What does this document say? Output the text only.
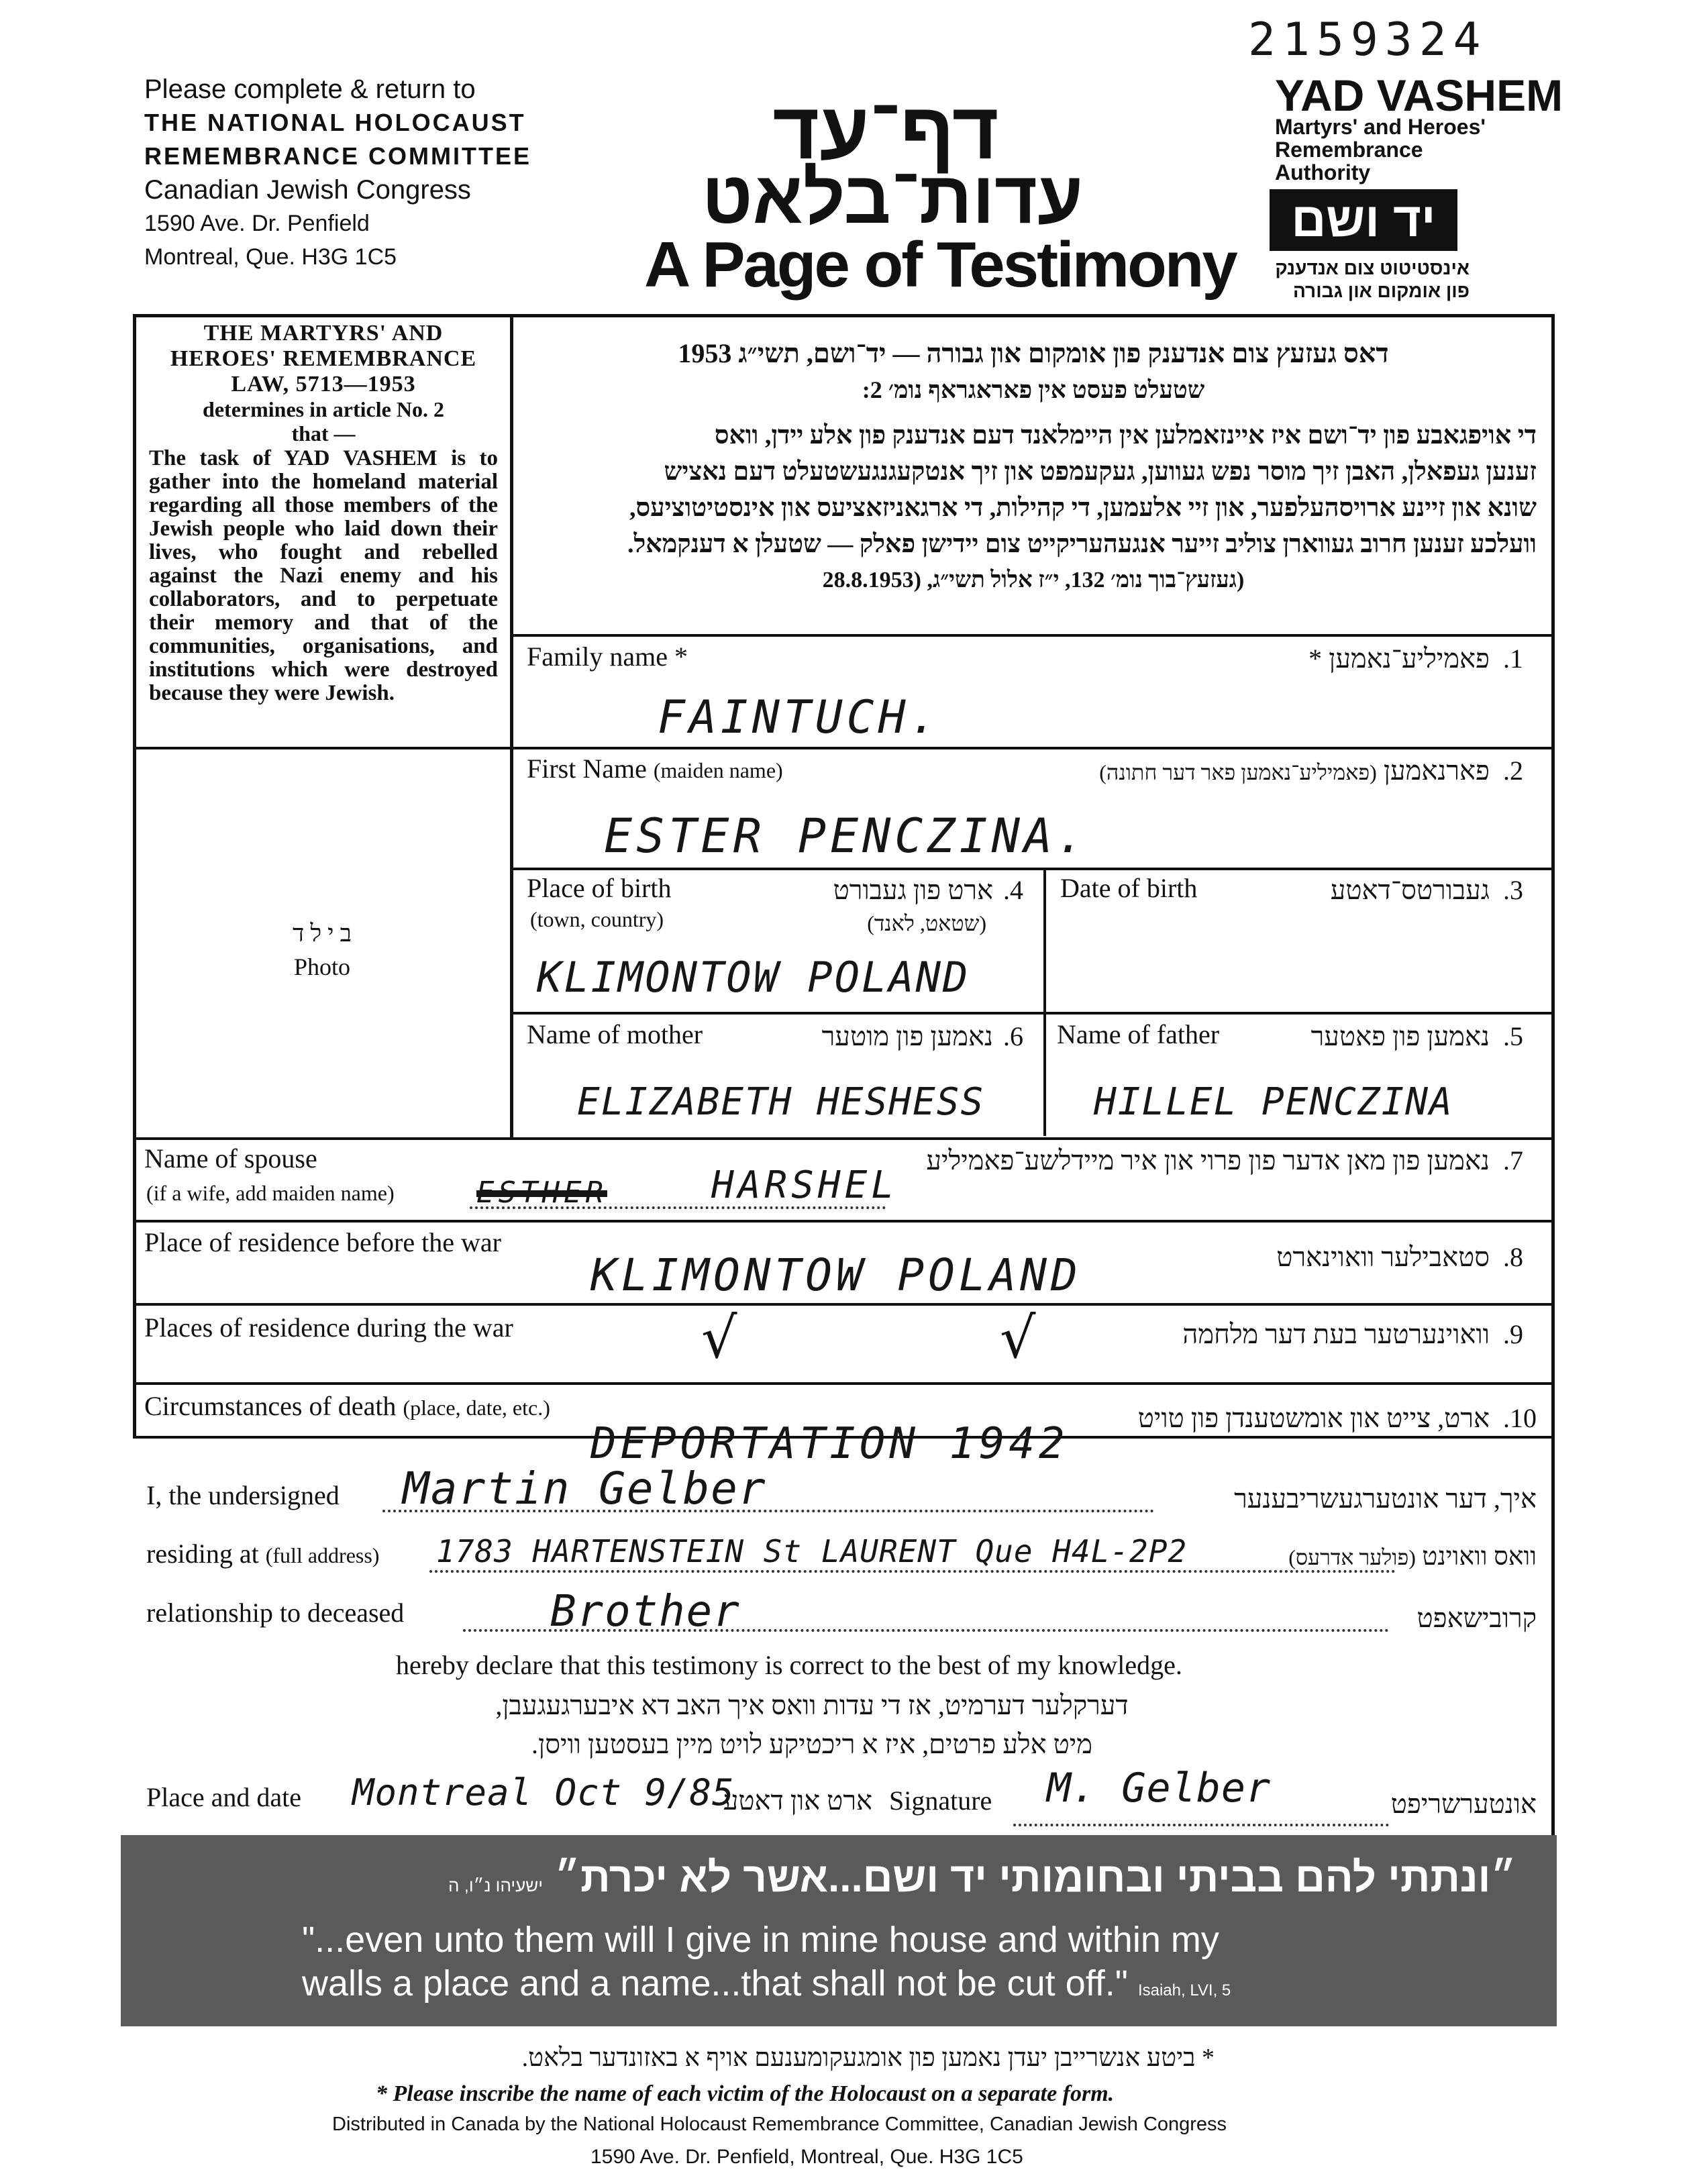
2159324
Please complete & return to
THE NATIONAL HOLOCAUST
REMEMBRANCE COMMITTEE
Canadian Jewish Congress
1590 Ave. Dr. Penfield
Montreal, Que. H3G 1C5
דף־עד
עדות־בלאט
A Page of Testimony
YAD VASHEM
Martyrs' and Heroes'
Remembrance
Authority
יד ושם
אינסטיטוט צום אנדענק
פון אומקום און גבורה
THE MARTYRS' AND
HEROES' REMEMBRANCE
LAW, 5713—1953
determines in article No. 2
that —
The task of YAD VASHEM is to gather into the homeland material regarding all those members of the Jewish people who laid down their lives, who fought and rebelled against the Nazi enemy and his collaborators, and to perpetuate their memory and that of the communities, organisations, and institutions which were destroyed because they were Jewish.
דאס געזעץ צום אנדענק פון אומקום און גבורה — יד־ושם, תשי״ג 1953
שטעלט פעסט אין פאראגראף נומ׳ 2:
די אויפגאבע פון יד־ושם איז איינזאמלען אין היימלאנד דעם אנדענק פון אלע יידן, וואס
זענען געפאלן, האבן זיך מוסר נפש געווען, געקעמפט און זיך אנטקעגנגעשטעלט דעם נאציש
שונא און זיינע ארויסהעלפער, און זיי אלעמען, די קהילות, די ארגאניזאציעס און אינסטיטוציעס,
וועלכע זענען חרוב געווארן צוליב זייער אנגעהעריקייט צום יידישן פאלק — שטעלן א דענקמאל.
(געזעץ־בוך נומ׳ 132, י״ז אלול תשי״ג, (28.8.1953
ב י ל ד
Photo
Family name *	פאמיליע־נאמען * .1
FAINTUCH.
First Name (maiden name)	פארנאמען (פאמיליע־נאמען פאר דער חתונה)	.2
ESTER PENCZINA.
Place of birth
(town, country)
ארט פון געבורט
(שטאט, לאנד)
.4
KLIMONTOW POLAND
Date of birth	געבורטס־דאטע .3
Name of mother	נאמען פון מוטער .6
ELIZABETH HESHESS
Name of father	נאמען פון פאטער .5
HILLEL PENCZINA
Name of spouse
(if a wife, add maiden name)
נאמען פון מאן אדער פון פרוי און איר מיידלשע־פאמיליע .7
ESTHER	HARSHEL
Place of residence before the war	סטאבילער וואוינארט .8
KLIMONTOW POLAND
Places of residence during the war	וואוינערטער בעת דער מלחמה .9
√	√
Circumstances of death (place, date, etc.)	ארט, צייט און אומשטענדן פון טויט .10
DEPORTATION 1942
I, the undersigned Martin Gelber	איך, דער אונטערגעשריבענער
residing at (full address) 1783 HARTENSTEIN St LAURENT Que H4L-2P2	וואס וואוינט (פולער אדרעס)
relationship to deceased	Brother	קרובישאפט
hereby declare that this testimony is correct to the best of my knowledge.
דערקלער דערמיט, אז די עדות וואס איך האב דא איבערגעגעבן,
מיט אלע פרטים, איז א ריכטיקע לויט מיין בעסטען וויסן.
Place and date Montreal Oct 9/85
ארט און דאטע Signature M. Gelber	אונטערשריפט
״ונתתי להם בביתי ובחומותי יד ושם...אשר לא יכרת״ ישעיהו נ״ו, ה
"...even unto them will I give in mine house and within my
walls a place and a name...that shall not be cut off." Isaiah, LVI, 5
* ביטע אנשרייבן יעדן נאמען פון אומגעקומענעם אויף א באזונדער בלאט.
* Please inscribe the name of each victim of the Holocaust on a separate form.
Distributed in Canada by the National Holocaust Remembrance Committee, Canadian Jewish Congress
1590 Ave. Dr. Penfield, Montreal, Que. H3G 1C5
